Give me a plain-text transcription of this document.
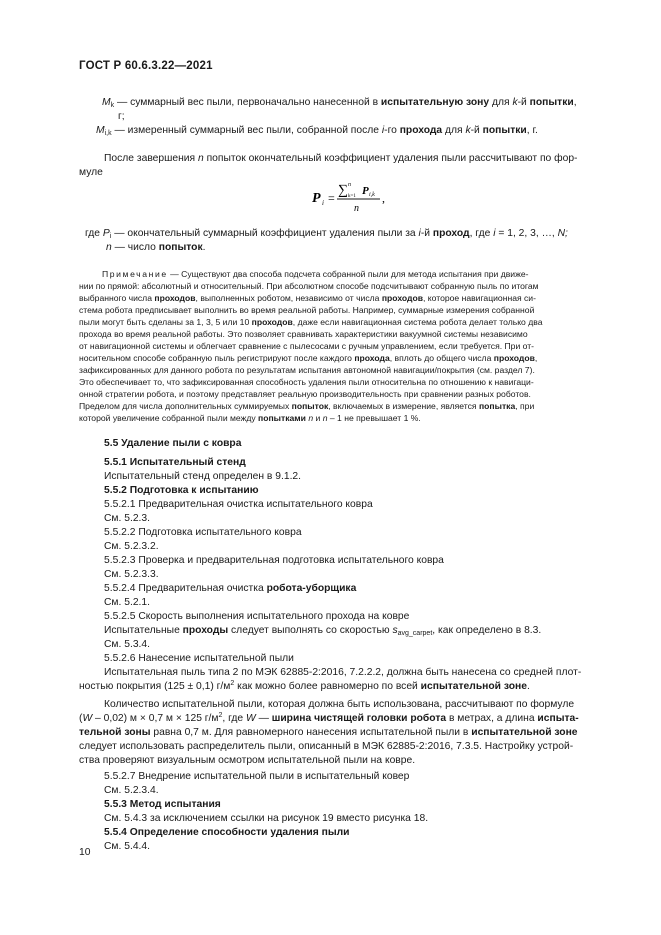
ГОСТ Р 60.6.3.22—2021
$M_k$ — суммарный вес пыли, первоначально нанесенной в испытательную зону для k-й попытки,
г;
$M_{i,k}$ — измеренный суммарный вес пыли, собранной после i-го прохода для k-й попытки, г.
После завершения n попыток окончательный коэффициент удаления пыли рассчитывают по фор-
муле
P i = ∑ n
k=1 P i,k
n
,
где $P_i$ — окончательный суммарный коэффициент удаления пыли за i-й проход, где i = 1, 2, 3, …, N;
n — число попыток.
Примечание — Существуют два способа подсчета собранной пыли для метода испытания при движе-
нии по прямой: абсолютный и относительный. При абсолютном способе подсчитывают собранную пыль по итогам
выбранного числа проходов, выполненных роботом, независимо от числа проходов, которое навигационная си-
стема робота предписывает выполнить во время реальной работы. Например, суммарные измерения собранной
пыли могут быть сделаны за 1, 3, 5 или 10 проходов, даже если навигационная система робота делает только два
прохода во время реальной работы. Это позволяет сравнивать характеристики вакуумной системы независимо
от навигационной системы и облегчает сравнение с пылесосами с ручным управлением, если требуется. При от-
носительном способе собранную пыль регистрируют после каждого прохода, вплоть до общего числа проходов,
зафиксированных для данного робота по результатам испытания автономной навигации/покрытия (см. раздел 7).
Это обеспечивает то, что зафиксированная способность удаления пыли относительна по отношению к навигаци-
онной стратегии робота, и поэтому представляет реальную производительность при сравнении разных роботов.
Пределом для числа дополнительных суммируемых попыток, включаемых в измерение, является попытка, при
которой увеличение собранной пыли между попытками n и n – 1 не превышает 1 %.
5.5 Удаление пыли с ковра
5.5.1 Испытательный стенд
Испытательный стенд определен в 9.1.2.
5.5.2 Подготовка к испытанию
5.5.2.1 Предварительная очистка испытательного ковра
См. 5.2.3.
5.5.2.2 Подготовка испытательного ковра
См. 5.2.3.2.
5.5.2.3 Проверка и предварительная подготовка испытательного ковра
См. 5.2.3.3.
5.5.2.4 Предварительная очистка робота-уборщика
См. 5.2.1.
5.5.2.5 Скорость выполнения испытательного прохода на ковре
Испытательные проходы следует выполнять со скоростью $s_{avg\_carpet}$, как определено в 8.3.
См. 5.3.4.
5.5.2.6 Нанесение испытательной пыли
Испытательная пыль типа 2 по МЭК 62885-2:2016, 7.2.2.2, должна быть нанесена со средней плот-
ностью покрытия (125 ± 0,1) $г/м^2$ как можно более равномерно по всей испытательной зоне.
Количество испытательной пыли, которая должна быть использована, рассчитывают по формуле
(W – 0,02) м × 0,7 м × 125 $г/м^2$, где W — ширина чистящей головки робота в метрах, а длина испыта-
тельной зоны равна 0,7 м. Для равномерного нанесения испытательной пыли в испытательной зоне
следует использовать распределитель пыли, описанный в МЭК 62885-2:2016, 7.3.5. Настройку устрой-
ства проверяют визуальным осмотром испытательной пыли на ковре.
5.5.2.7 Внедрение испытательной пыли в испытательный ковер
См. 5.2.3.4.
5.5.3 Метод испытания
См. 5.4.3 за исключением ссылки на рисунок 19 вместо рисунка 18.
5.5.4 Определение способности удаления пыли
См. 5.4.4.
10
